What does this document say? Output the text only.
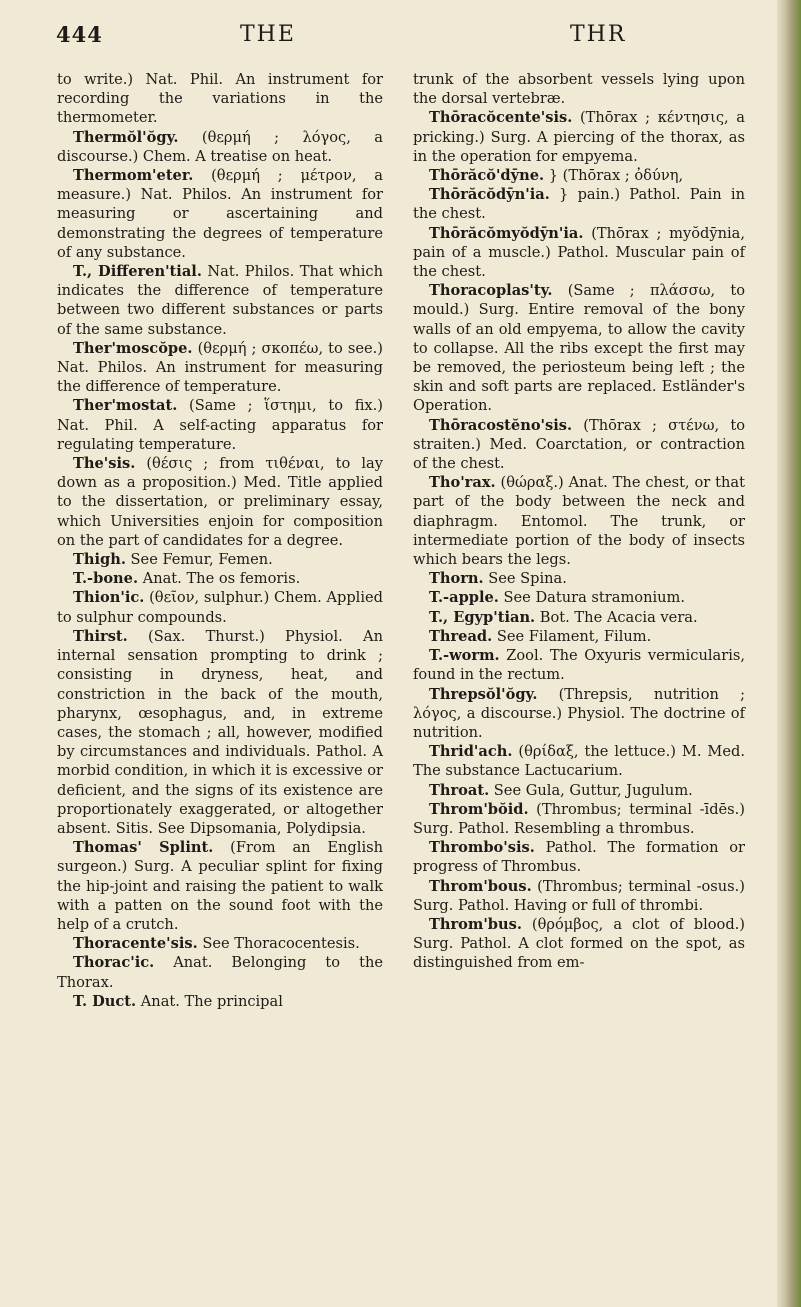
444	THE	THR

to write.) Nat. Phil. An instrument for recording the variations in the thermometer.

Thermŏl'ŏgy. (θερμή ; λόγος, a discourse.) Chem. A treatise on heat.

Thermom'eter. (θερμή ; μέτρον, a measure.) Nat. Philos. An instrument for measuring or ascertaining and demonstrating the degrees of temperature of any substance.

T., Differen'tial. Nat. Philos. That which indicates the difference of temperature between two different substances or parts of the same substance.

Ther'moscŏpe. (θερμή ; σκοπέω, to see.) Nat. Philos. An instrument for measuring the difference of temperature.

Ther'mostat. (Same ; ἵστημι, to fix.) Nat. Phil. A self-acting apparatus for regulating temperature.

The'sis. (θέσις ; from τιθέναι, to lay down as a proposition.) Med. Title applied to the dissertation, or preliminary essay, which Universities enjoin for composition on the part of candidates for a degree.

Thigh. See Femur, Femen.

T.-bone. Anat. The os femoris.

Thion'ic. (θεῖον, sulphur.) Chem. Applied to sulphur compounds.

Thirst. (Sax. Thurst.) Physiol. An internal sensation prompting to drink ; consisting in dryness, heat, and constriction in the back of the mouth, pharynx, œsophagus, and, in extreme cases, the stomach ; all, however, modified by circumstances and individuals. Pathol. A morbid condition, in which it is excessive or deficient, and the signs of its existence are proportionately exaggerated, or altogether absent. Sitis. See Dipsomania, Polydipsia.

Thomas' Splint. (From an English surgeon.) Surg. A peculiar splint for fixing the hip-joint and raising the patient to walk with a patten on the sound foot with the help of a crutch.

Thoracente'sis. See Thoracocentesis.

Thorac'ic. Anat. Belonging to the Thorax.

T. Duct. Anat. The principal

trunk of the absorbent vessels lying upon the dorsal vertebræ.

Thōracŏcente'sis. (Thōrax ; κέντησις, a pricking.) Surg. A piercing of the thorax, as in the operation for empyema.

Thōrăcŏ'dȳne. } (Thōrax ; ὀδύνη,

Thōrăcŏdȳn'ia. } pain.) Pathol. Pain in the chest.

Thōrăcŏmyŏdȳn'ia. (Thōrax ; myŏdȳnia, pain of a muscle.) Pathol. Muscular pain of the chest.

Thoracoplas'ty. (Same ; πλάσσω, to mould.) Surg. Entire removal of the bony walls of an old empyema, to allow the cavity to collapse. All the ribs except the first may be removed, the periosteum being left ; the skin and soft parts are replaced. Estländer's Operation.

Thōracostĕno'sis. (Thōrax ; στένω, to straiten.) Med. Coarctation, or contraction of the chest.

Tho'rax. (θώραξ.) Anat. The chest, or that part of the body between the neck and diaphragm. Entomol. The trunk, or intermediate portion of the body of insects which bears the legs.

Thorn. See Spina.

T.-apple. See Datura stramonium.

T., Egyp'tian. Bot. The Acacia vera.

Thread. See Filament, Filum.

T.-worm. Zool. The Oxyuris vermicularis, found in the rectum.

Threpsŏl'ŏgy. (Threpsis, nutrition ; λόγος, a discourse.) Physiol. The doctrine of nutrition.

Thrid'ach. (θρίδαξ, the lettuce.) M. Med. The substance Lactucarium.

Throat. See Gula, Guttur, Jugulum.

Throm'bŏid. (Thrombus; terminal -īdēs.) Surg. Pathol. Resembling a thrombus.

Thrombo'sis. Pathol. The formation or progress of Thrombus.

Throm'bous. (Thrombus; terminal -osus.) Surg. Pathol. Having or full of thrombi.

Throm'bus. (θρόμβος, a clot of blood.) Surg. Pathol. A clot formed on the spot, as distinguished from em-
